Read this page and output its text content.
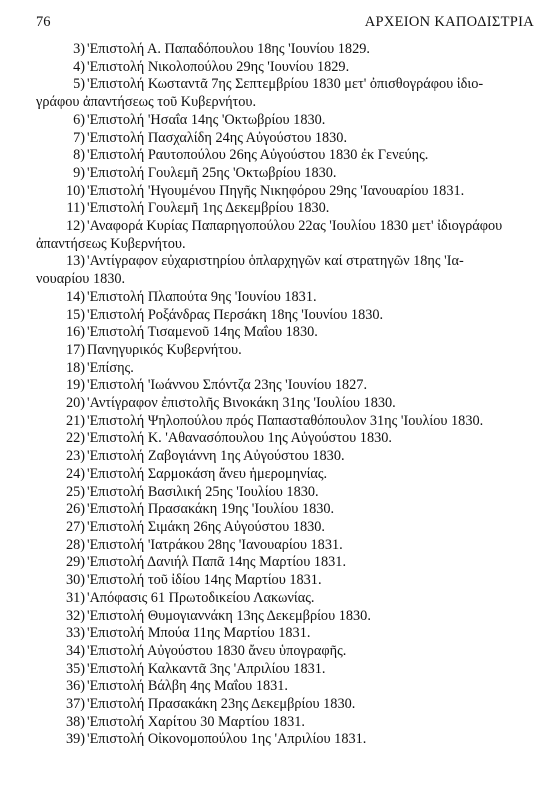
76	ΑΡΧΕΙΟΝ ΚΑΠΟΔΙΣΤΡΙΑ
3) 'Επιστολή Α. Παπαδόπουλου 18ης 'Ιουνίου 1829.
4) 'Επιστολή Νικολοπούλου 29ης 'Ιουνίου 1829.
5) 'Επιστολή Κωσταντᾶ 7ης Σεπτεμβρίου 1830 μετ' ὀπισθογράφου ἰδιο-
γράφου ἀπαντήσεως τοῦ Κυβερνήτου.
6) 'Επιστολή 'Ησαΐα 14ης 'Οκτωβρίου 1830.
7) 'Επιστολή Πασχαλίδη 24ης Αὐγούστου 1830.
8) 'Επιστολή Ραυτοπούλου 26ης Αὐγούστου 1830 ἐκ Γενεύης.
9) 'Επιστολή Γουλεμῆ 25ης 'Οκτωβρίου 1830.
10) 'Επιστολή 'Ηγουμένου Πηγῆς Νικηφόρου 29ης 'Ιανουαρίου 1831.
11) 'Επιστολή Γουλεμῆ 1ης Δεκεμβρίου 1830.
12) 'Αναφορά Κυρίας Παπαρηγοπούλου 22ας 'Ιουλίου 1830 μετ' ἰδιογράφου
ἀπαντήσεως Κυβερνήτου.
13) 'Αντίγραφον εὐχαριστηρίου ὁπλαρχηγῶν καί στρατηγῶν 18ης 'Ια-
νουαρίου 1830.
14) 'Επιστολή Πλαπούτα 9ης 'Ιουνίου 1831.
15) 'Επιστολή Ροξάνδρας Περσάκη 18ης 'Ιουνίου 1830.
16) 'Επιστολή Τισαμενοῦ 14ης Μαΐου 1830.
17) Πανηγυρικός Κυβερνήτου.
18) 'Επίσης.
19) 'Επιστολή 'Ιωάννου Σπόντζα 23ης 'Ιουνίου 1827.
20) 'Αντίγραφον ἐπιστολῆς Βινοκάκη 31ης 'Ιουλίου 1830.
21) 'Επιστολή Ψηλοπούλου πρός Παπασταθόπουλον 31ης 'Ιουλίου 1830.
22) 'Επιστολή Κ. 'Αθανασόπουλου 1ης Αὐγούστου 1830.
23) 'Επιστολή Ζαβογιάννη 1ης Αὐγούστου 1830.
24) 'Επιστολή Σαρμοκάση ἄνευ ἡμερομηνίας.
25) 'Επιστολή Βασιλική 25ης 'Ιουλίου 1830.
26) 'Επιστολή Πρασακάκη 19ης 'Ιουλίου 1830.
27) 'Επιστολή Σιμάκη 26ης Αὐγούστου 1830.
28) 'Επιστολή 'Ιατράκου 28ης 'Ιανουαρίου 1831.
29) 'Επιστολή Δανιήλ Παπᾶ 14ης Μαρτίου 1831.
30) 'Επιστολή τοῦ ἰδίου 14ης Μαρτίου 1831.
31) 'Απόφασις 61 Πρωτοδικείου Λακωνίας.
32) 'Επιστολή Θυμογιαννάκη 13ης Δεκεμβρίου 1830.
33) 'Επιστολή Μπούα 11ης Μαρτίου 1831.
34) 'Επιστολή Αὐγούστου 1830 ἄνευ ὑπογραφῆς.
35) 'Επιστολή Καλκαντᾶ 3ης 'Απριλίου 1831.
36) 'Επιστολή Βάλβη 4ης Μαΐου 1831.
37) 'Επιστολή Πρασακάκη 23ης Δεκεμβρίου 1830.
38) 'Επιστολή Χαρίτου 30 Μαρτίου 1831.
39) 'Επιστολή Οἰκονομοπούλου 1ης 'Απριλίου 1831.
